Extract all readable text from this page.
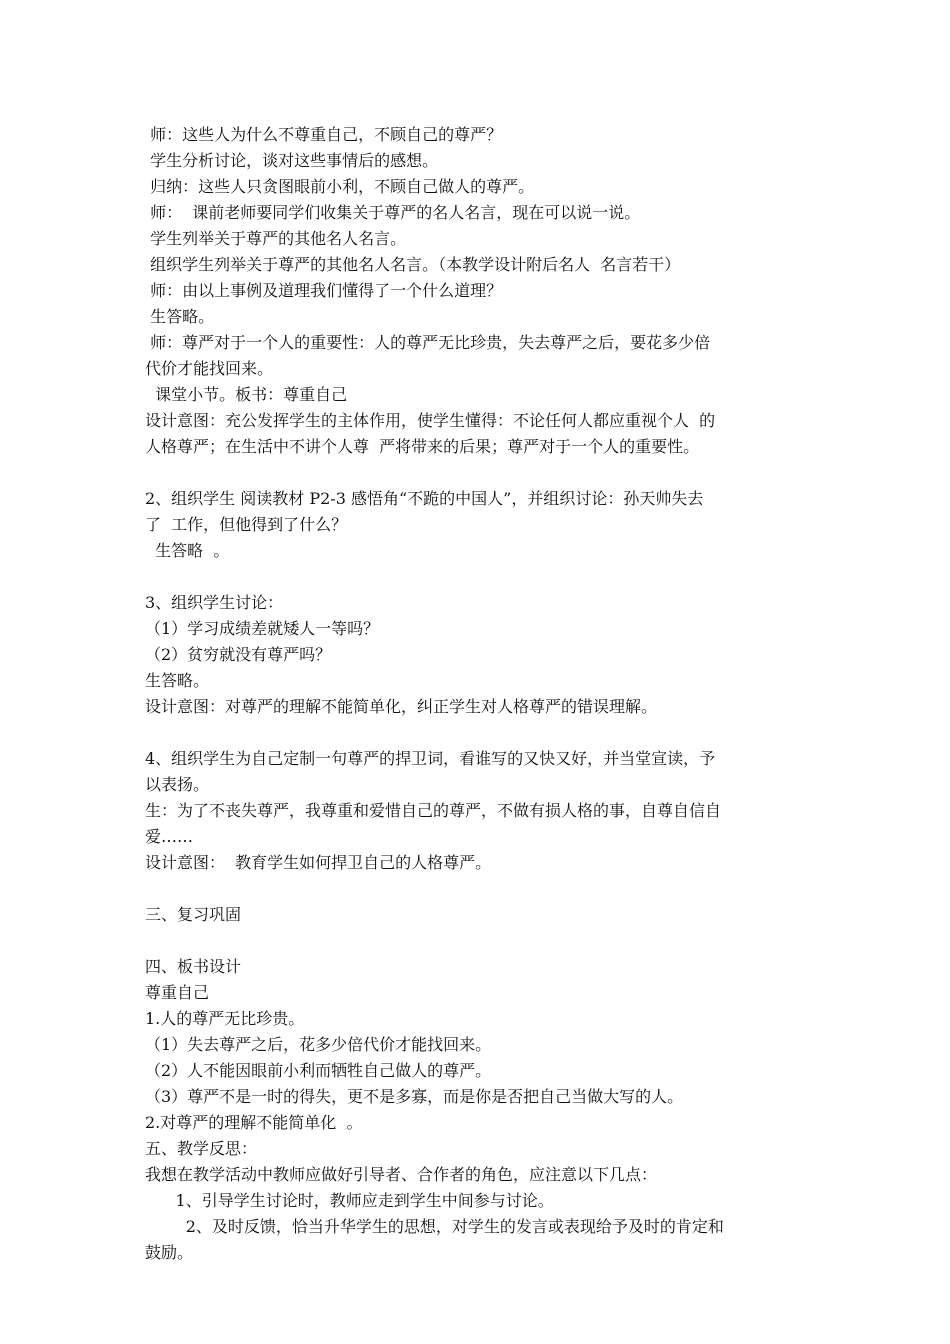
师：这些人为什么不尊重自己，不顾自己的尊严？
学生分析讨论，谈对这些事情后的感想。
归纳：这些人只贪图眼前小利，不顾自己做人的尊严。
师：  课前老师要同学们收集关于尊严的名人名言，现在可以说一说。
学生列举关于尊严的其他名人名言。
组织学生列举关于尊严的其他名人名言。（本教学设计附后名人  名言若干）
师：由以上事例及道理我们懂得了一个什么道理？
生答略。
师：尊严对于一个人的重要性：人的尊严无比珍贵，失去尊严之后，要花多少倍
代价才能找回来。
课堂小节。板书：尊重自己
设计意图：充公发挥学生的主体作用，使学生懂得：不论任何人都应重视个人  的
人格尊严；在生活中不讲个人尊  严将带来的后果；尊严对于一个人的重要性。
2、组织学生 阅读教材 P2-3 感悟角“不跪的中国人”，并组织讨论：孙天帅失去
了  工作，但他得到了什么？
生答略  。
3、组织学生讨论：
（1）学习成绩差就矮人一等吗？
（2）贫穷就没有尊严吗？
生答略。
设计意图：对尊严的理解不能简单化，纠正学生对人格尊严的错误理解。
4、组织学生为自己定制一句尊严的捍卫词，看谁写的又快又好，并当堂宣读，予
以表扬。
生：为了不丧失尊严，我尊重和爱惜自己的尊严，不做有损人格的事，自尊自信自
爱……
设计意图：  教育学生如何捍卫自己的人格尊严。
三、复习巩固
四、板书设计
尊重自己
1.人的尊严无比珍贵。
（1）失去尊严之后，花多少倍代价才能找回来。
（2）人不能因眼前小利而牺牲自己做人的尊严。
（3）尊严不是一时的得失，更不是多寡，而是你是否把自己当做大写的人。
2.对尊严的理解不能简单化  。
五、教学反思：
我想在教学活动中教师应做好引导者、合作者的角色，应注意以下几点：
1、引导学生讨论时，教师应走到学生中间参与讨论。
2、及时反馈，恰当升华学生的思想，对学生的发言或表现给予及时的肯定和
鼓励。
